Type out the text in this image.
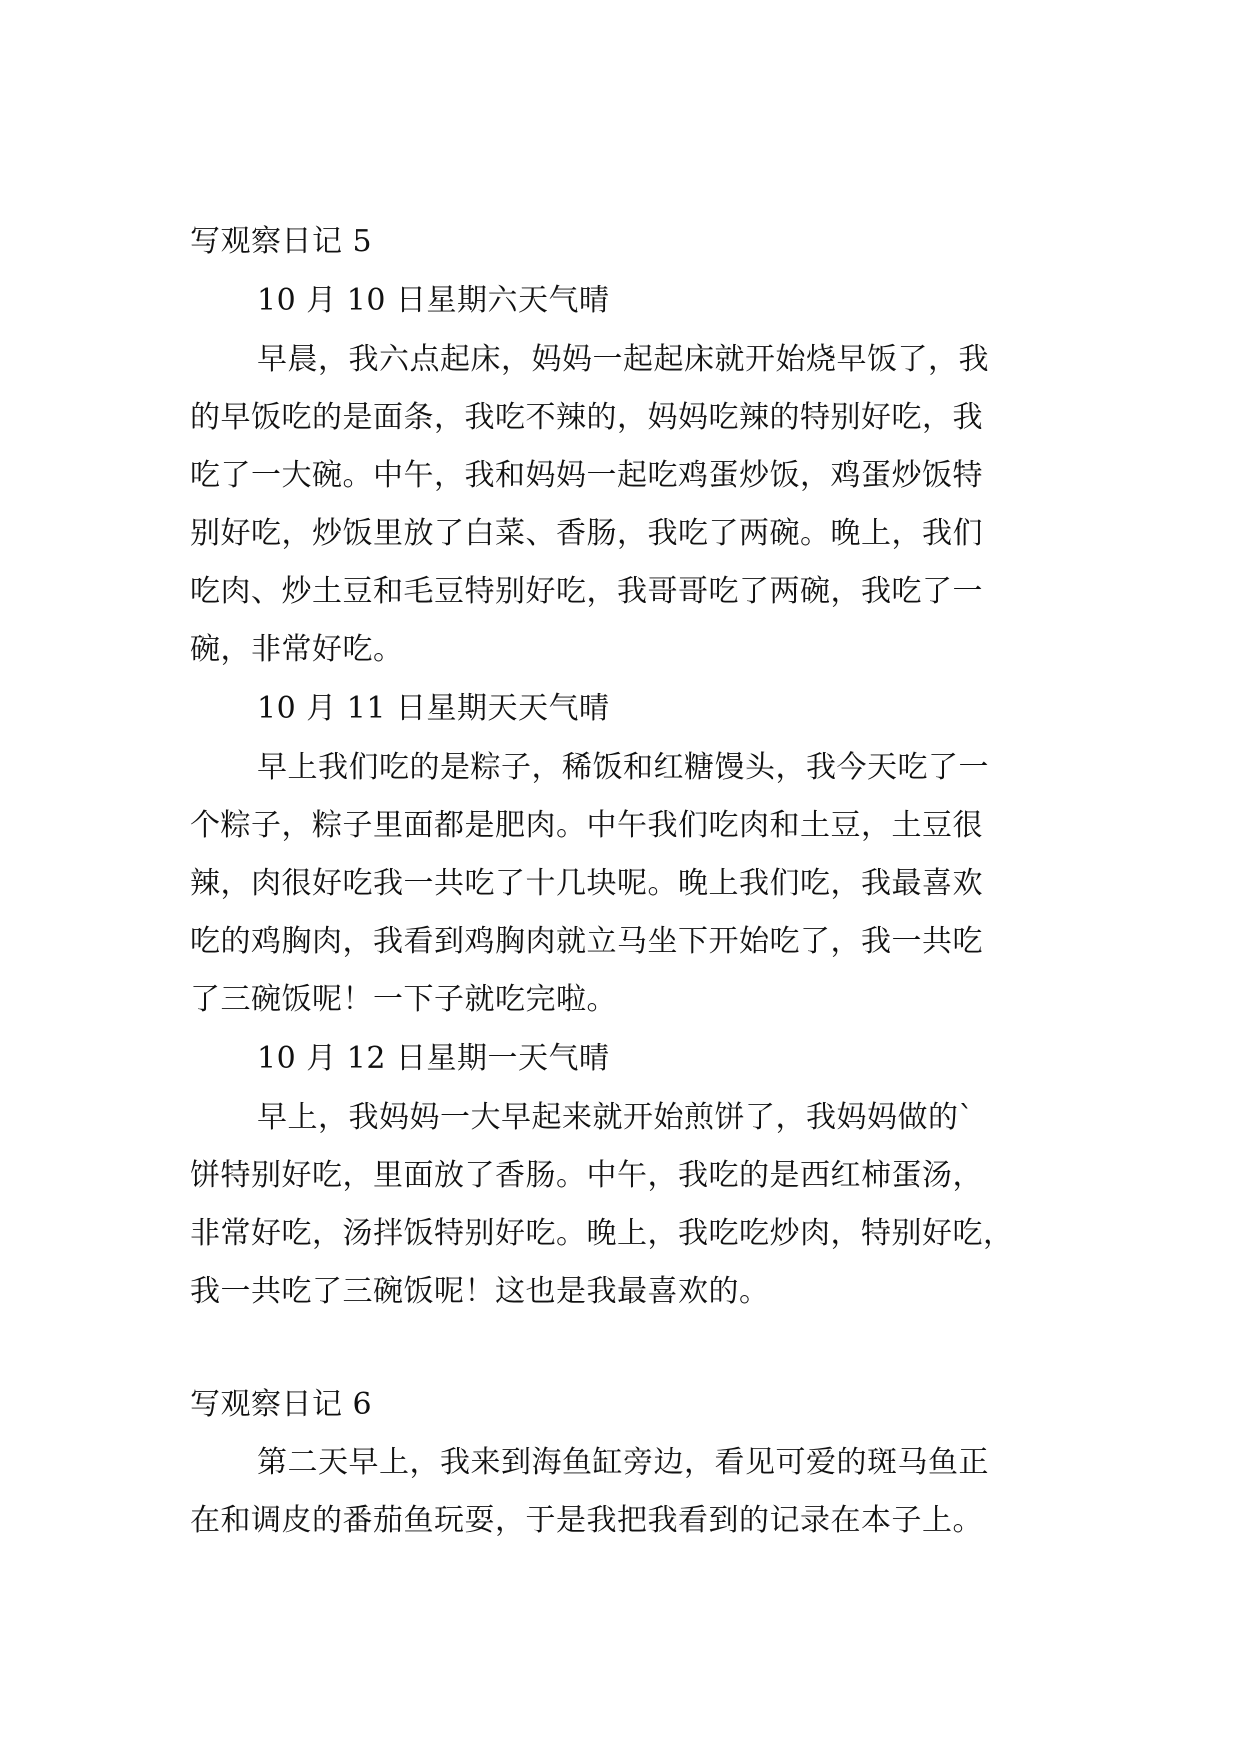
写观察日记 5
10 月 10 日星期六天气晴
早晨，我六点起床，妈妈一起起床就开始烧早饭了，我
的早饭吃的是面条，我吃不辣的，妈妈吃辣的特别好吃，我
吃了一大碗。中午，我和妈妈一起吃鸡蛋炒饭，鸡蛋炒饭特
别好吃，炒饭里放了白菜、香肠，我吃了两碗。晚上，我们
吃肉、炒土豆和毛豆特别好吃，我哥哥吃了两碗，我吃了一
碗，非常好吃。
10 月 11 日星期天天气晴
早上我们吃的是粽子，稀饭和红糖馒头，我今天吃了一
个粽子，粽子里面都是肥肉。中午我们吃肉和土豆，土豆很
辣，肉很好吃我一共吃了十几块呢。晚上我们吃，我最喜欢
吃的鸡胸肉，我看到鸡胸肉就立马坐下开始吃了，我一共吃
了三碗饭呢！一下子就吃完啦。
10 月 12 日星期一天气晴
早上，我妈妈一大早起来就开始煎饼了，我妈妈做的`
饼特别好吃，里面放了香肠。中午，我吃的是西红柿蛋汤，
非常好吃，汤拌饭特别好吃。晚上，我吃吃炒肉，特别好吃，
我一共吃了三碗饭呢！这也是我最喜欢的。
写观察日记 6
第二天早上，我来到海鱼缸旁边，看见可爱的斑马鱼正
在和调皮的番茄鱼玩耍，于是我把我看到的记录在本子上。
